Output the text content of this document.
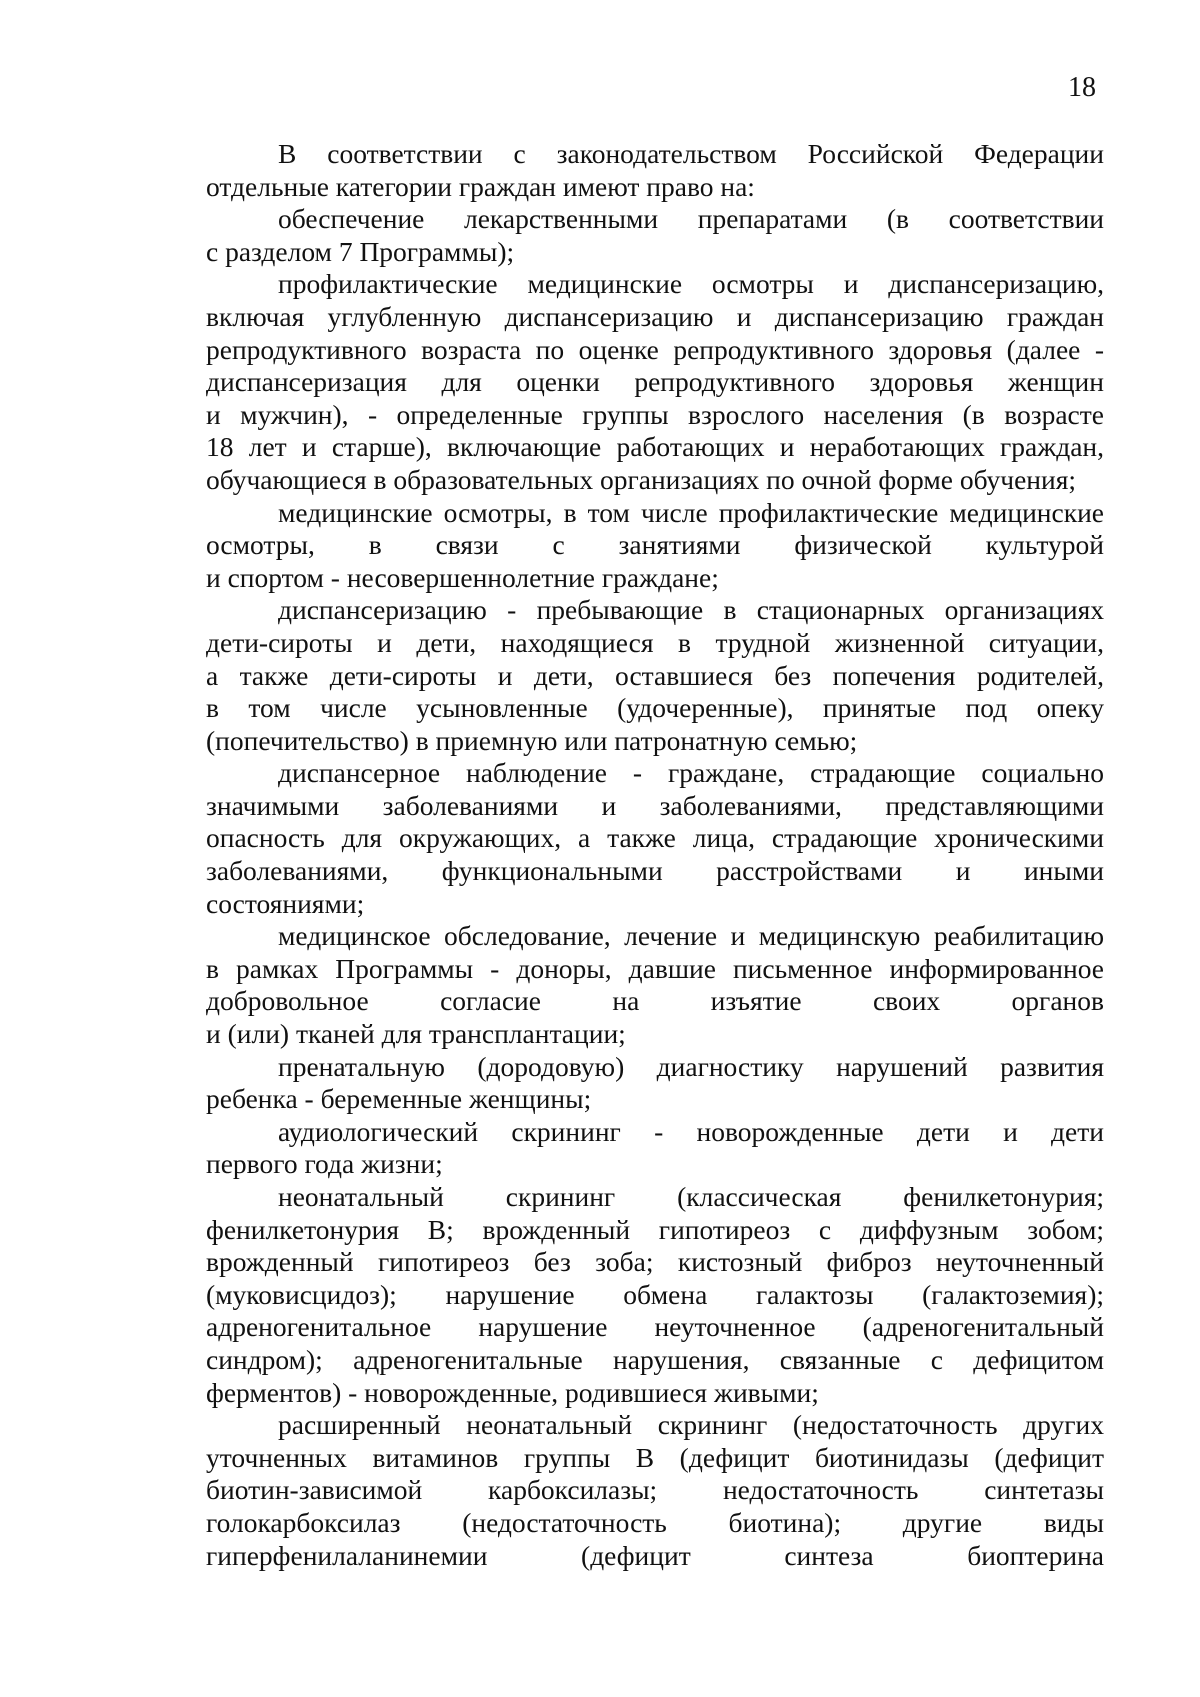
18

В соответствии с законодательством Российской Федерации
отдельные категории граждан имеют право на:

обеспечение лекарственными препаратами (в соответствии
с разделом 7 Программы);

профилактические медицинские осмотры и диспансеризацию,
включая углубленную диспансеризацию и диспансеризацию граждан
репродуктивного возраста по оценке репродуктивного здоровья (далее -
диспансеризация для оценки репродуктивного здоровья женщин
и мужчин), - определенные группы взрослого населения (в возрасте
18 лет и старше), включающие работающих и неработающих граждан,
обучающиеся в образовательных организациях по очной форме обучения;

медицинские осмотры, в том числе профилактические медицинские
осмотры, в связи с занятиями физической культурой
и спортом - несовершеннолетние граждане;

диспансеризацию - пребывающие в стационарных организациях
дети-сироты и дети, находящиеся в трудной жизненной ситуации,
а также дети-сироты и дети, оставшиеся без попечения родителей,
в том числе усыновленные (удочеренные), принятые под опеку
(попечительство) в приемную или патронатную семью;

диспансерное наблюдение - граждане, страдающие социально
значимыми заболеваниями и заболеваниями, представляющими
опасность для окружающих, а также лица, страдающие хроническими
заболеваниями, функциональными расстройствами и иными
состояниями;

медицинское обследование, лечение и медицинскую реабилитацию
в рамках Программы - доноры, давшие письменное информированное
добровольное согласие на изъятие своих органов
и (или) тканей для трансплантации;

пренатальную (дородовую) диагностику нарушений развития
ребенка - беременные женщины;

аудиологический скрининг - новорожденные дети и дети
первого года жизни;

неонатальный скрининг (классическая фенилкетонурия;
фенилкетонурия В; врожденный гипотиреоз с диффузным зобом;
врожденный гипотиреоз без зоба; кистозный фиброз неуточненный
(муковисцидоз); нарушение обмена галактозы (галактоземия);
адреногенитальное нарушение неуточненное (адреногенитальный
синдром); адреногенитальные нарушения, связанные с дефицитом
ферментов) - новорожденные, родившиеся живыми;

расширенный неонатальный скрининг (недостаточность других
уточненных витаминов группы В (дефицит биотинидазы (дефицит
биотин-зависимой карбоксилазы; недостаточность синтетазы
голокарбоксилаз (недостаточность биотина); другие виды
гиперфенилаланинемии (дефицит синтеза биоптерина
